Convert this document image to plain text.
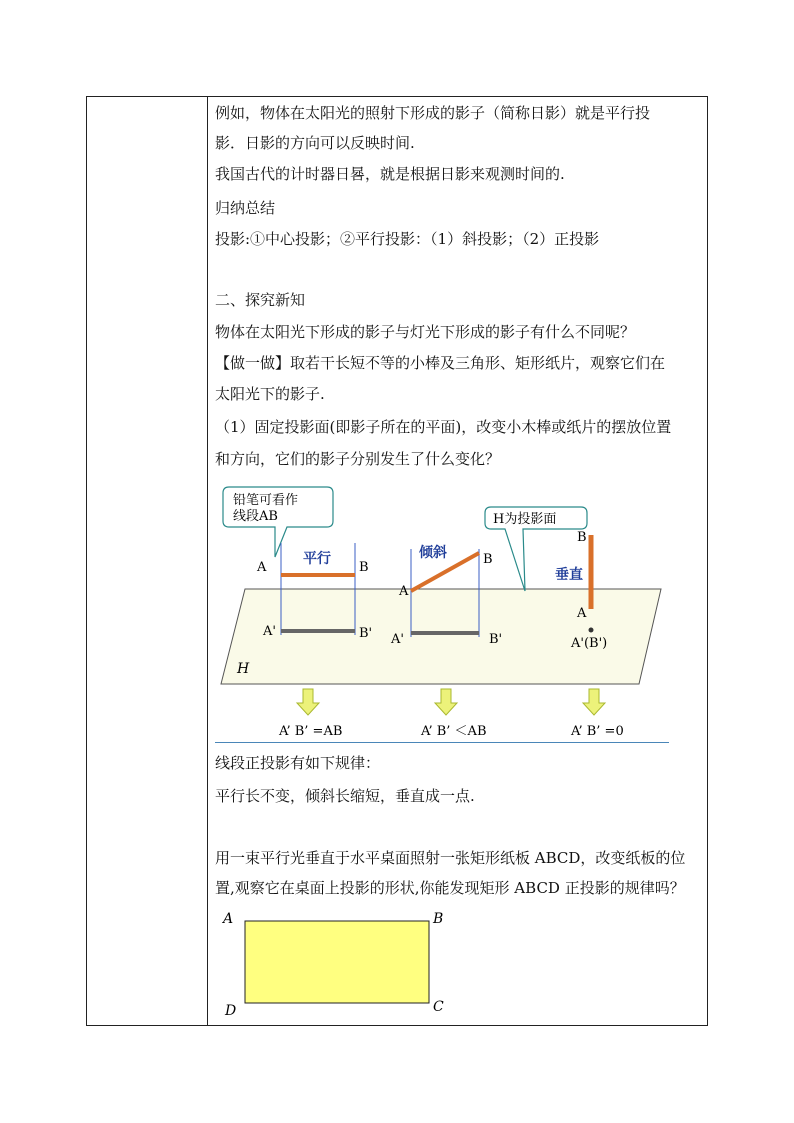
例如，物体在太阳光的照射下形成的影子（简称日影）就是平行投
影．日影的方向可以反映时间.
我国古代的计时器日晷，就是根据日影来观测时间的.
归纳总结
投影:①中心投影；②平行投影：（1）斜投影；（2）正投影
二、探究新知
物体在太阳光下形成的影子与灯光下形成的影子有什么不同呢？
【做一做】取若干长短不等的小棒及三角形、矩形纸片，观察它们在
太阳光下的影子.
（1）固定投影面(即影子所在的平面)，改变小木棒或纸片的摆放位置
和方向，它们的影子分别发生了什么变化？
H
铅笔可看作
线段AB	H为投影面
A	B
A'	B'
平行
A
B
A'	B'
倾斜
B
A
A'(B')
垂直
A’ B’ =AB	A’ B’ ＜AB	A’ B’ =0
线段正投影有如下规律：
平行长不变，倾斜长缩短，垂直成一点.
用一束平行光垂直于水平桌面照射一张矩形纸板 ABCD，改变纸板的位
置,观察它在桌面上投影的形状,你能发现矩形 ABCD 正投影的规律吗？
A	B
C
D
